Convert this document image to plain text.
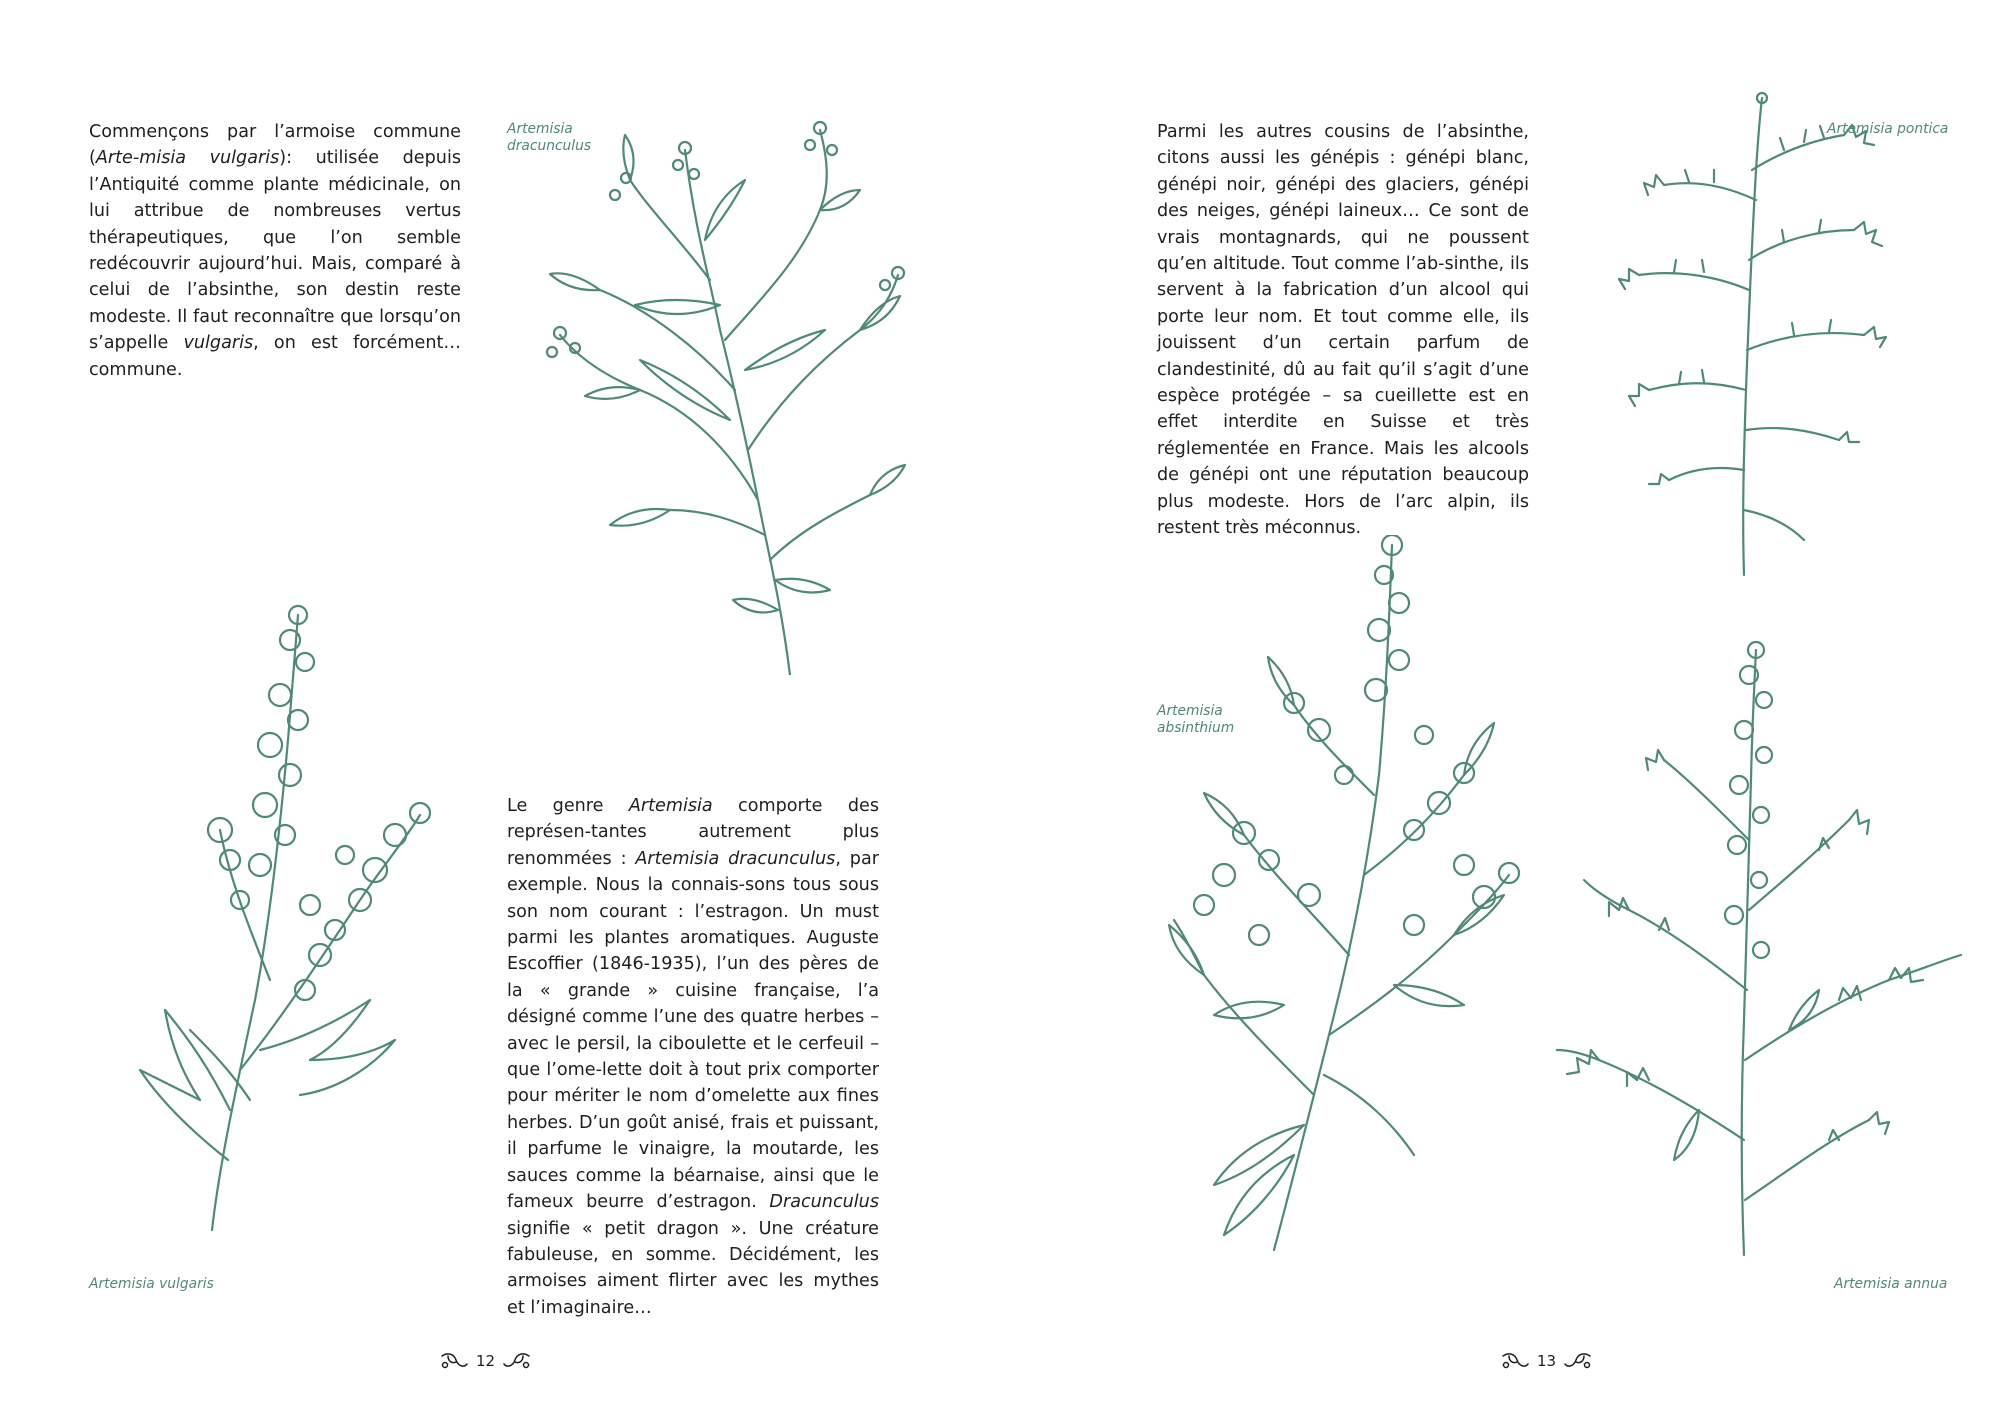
Commençons par l’armoise commune (Arte-misia vulgaris): utilisée depuis l’Antiquité comme plante médicinale, on lui attribue de nombreuses vertus thérapeutiques, que l’on semble redécouvrir aujourd’hui. Mais, comparé à celui de l’absinthe, son destin reste modeste. Il faut reconnaître que lorsqu’on s’appelle vulgaris, on est forcément… commune.

Artemisia
dracunculus

Le genre Artemisia comporte des représen-tantes autrement plus renommées : Artemisia dracunculus, par exemple. Nous la connais-sons tous sous son nom courant : l’estragon. Un must parmi les plantes aromatiques. Auguste Escoffier (1846-1935), l’un des pères de la « grande » cuisine française, l’a désigné comme l’une des quatre herbes – avec le persil, la ciboulette et le cerfeuil – que l’ome-lette doit à tout prix comporter pour mériter le nom d’omelette aux fines herbes. D’un goût anisé, frais et puissant, il parfume le vinaigre, la moutarde, les sauces comme la béarnaise, ainsi que le fameux beurre d’estragon. Dracunculus signifie « petit dragon ». Une créature fabuleuse, en somme. Décidément, les armoises aiment flirter avec les mythes et l’imaginaire…

Artemisia vulgaris

12

Parmi les autres cousins de l’absinthe, citons aussi les génépis : génépi blanc, génépi noir, génépi des glaciers, génépi des neiges, génépi laineux… Ce sont de vrais montagnards, qui ne poussent qu’en altitude. Tout comme l’ab-sinthe, ils servent à la fabrication d’un alcool qui porte leur nom. Et tout comme elle, ils jouissent d’un certain parfum de clandestinité, dû au fait qu’il s’agit d’une espèce protégée – sa cueillette est en effet interdite en Suisse et très réglementée en France. Mais les alcools de génépi ont une réputation beaucoup plus modeste. Hors de l’arc alpin, ils restent très méconnus.

Artemisia pontica

Artemisia
absinthium

Artemisia annua

13
